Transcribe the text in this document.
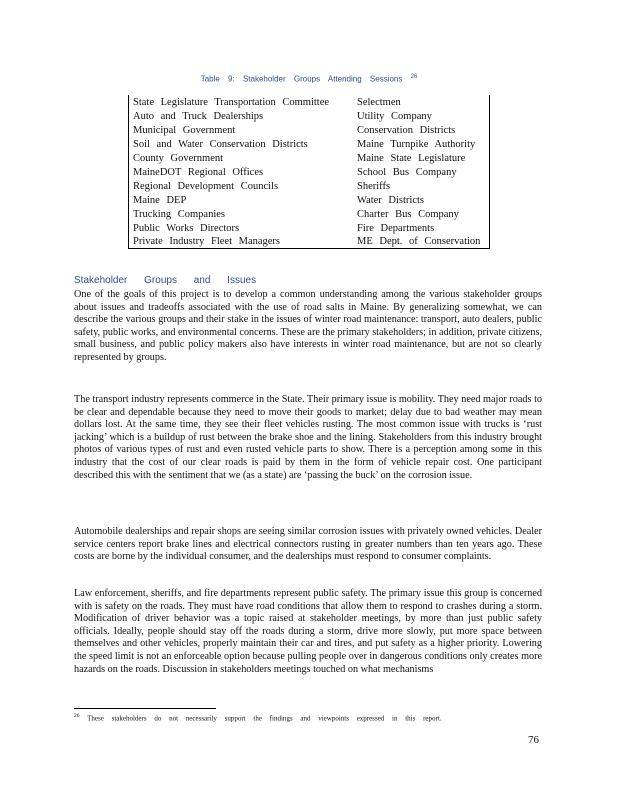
Table 9: Stakeholder Groups Attending Sessions $^{26}$
State Legislature Transportation Committee	Selectmen
Auto and Truck Dealerships	Utility Company
Municipal Government	Conservation Districts
Soil and Water Conservation Districts	Maine Turnpike Authority
County Government	Maine State Legislature
MaineDOT Regional Offices	School Bus Company
Regional Development Councils	Sheriffs
Maine DEP	Water Districts
Trucking Companies	Charter Bus Company
Public Works Directors	Fire Departments
Private Industry Fleet Managers	ME Dept. of Conservation
Stakeholder Groups and Issues

One of the goals of this project is to develop a common understanding among the various stakeholder groups about issues and tradeoffs associated with the use of road salts in Maine. By generalizing somewhat, we can describe the various groups and their stake in the issues of winter road maintenance: transport, auto dealers, public safety, public works, and environmental concerns. These are the primary stakeholders; in addition, private citizens, small business, and public policy makers also have interests in winter road maintenance, but are not so clearly represented by groups.

The transport industry represents commerce in the State. Their primary issue is mobility. They need major roads to be clear and dependable because they need to move their goods to market; delay due to bad weather may mean dollars lost. At the same time, they see their fleet vehicles rusting. The most common issue with trucks is ‘rust jacking’ which is a buildup of rust between the brake shoe and the lining. Stakeholders from this industry brought photos of various types of rust and even rusted vehicle parts to show. There is a perception among some in this industry that the cost of our clear roads is paid by them in the form of vehicle repair cost. One participant described this with the sentiment that we (as a state) are ‘passing the buck’ on the corrosion issue.

Automobile dealerships and repair shops are seeing similar corrosion issues with privately owned vehicles. Dealer service centers report brake lines and electrical connectors rusting in greater numbers than ten years ago. These costs are borne by the individual consumer, and the dealerships must respond to consumer complaints.

Law enforcement, sheriffs, and fire departments represent public safety. The primary issue this group is concerned with is safety on the roads. They must have road conditions that allow them to respond to crashes during a storm. Modification of driver behavior was a topic raised at stakeholder meetings, by more than just public safety officials. Ideally, people should stay off the roads during a storm, drive more slowly, put more space between themselves and other vehicles, properly maintain their car and tires, and put safety as a higher priority. Lowering the speed limit is not an enforceable option because pulling people over in dangerous conditions only creates more hazards on the roads. Discussion in stakeholders meetings touched on what mechanisms

$^{26}$ These stakeholders do not necessarily support the findings and viewpoints expressed in this report.
76
